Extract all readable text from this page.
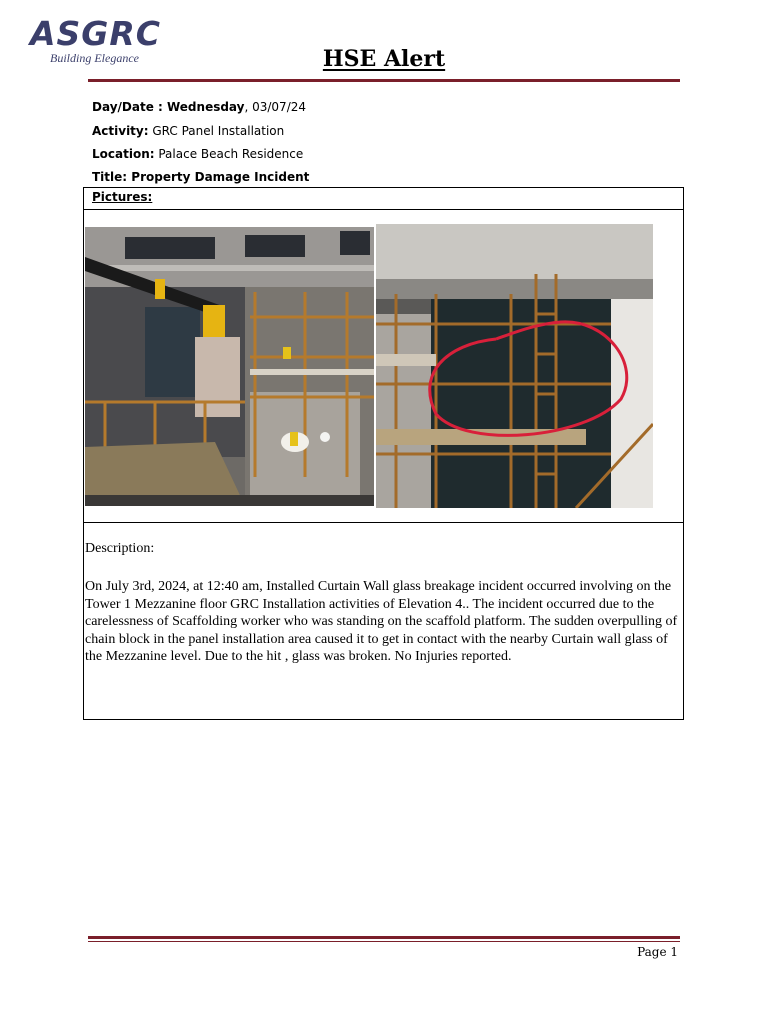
ASGRC
Building Elegance	HSE Alert
Day/Date : Wednesday, 03/07/24
Activity: GRC Panel Installation
Location: Palace Beach Residence
Title: Property Damage Incident
Pictures:
Description:
On July 3rd, 2024, at 12:40 am, Installed Curtain Wall glass breakage incident occurred involving on the Tower 1 Mezzanine floor GRC Installation activities of Elevation 4.. The incident occurred due to the carelessness of Scaffolding worker who was standing on the scaffold platform. The sudden overpulling of chain block in the panel installation area caused it to get in contact with the nearby Curtain wall glass of the Mezzanine level. Due to the hit , glass was broken. No Injuries reported.
Page 1
